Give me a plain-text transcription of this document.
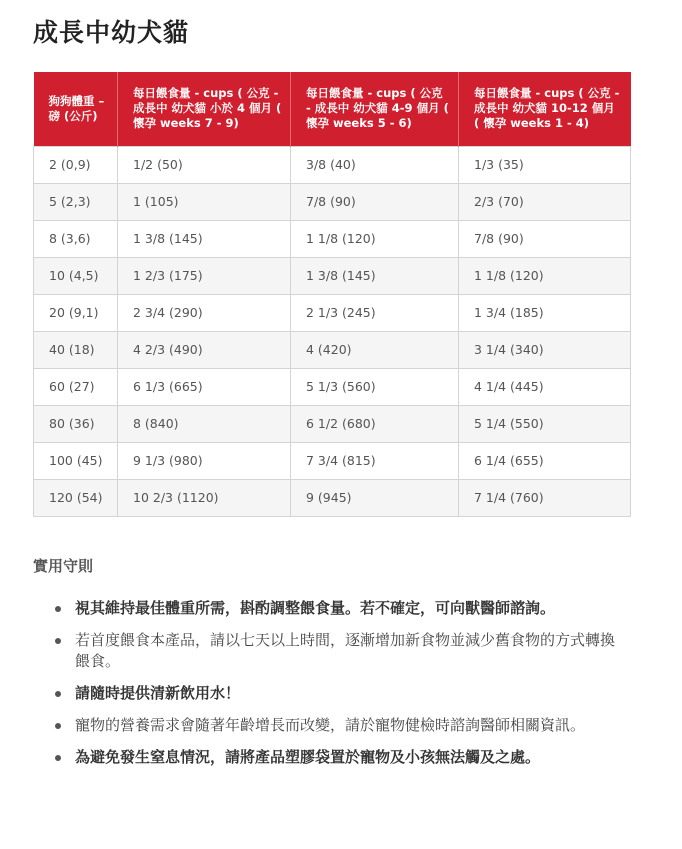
成長中幼犬貓
狗狗體重 – 磅 (公斤)	每日餵食量 - cups ( 公克 - 成長中 幼犬貓 小於 4 個月 ( 懷孕 weeks 7 - 9)	每日餵食量 - cups ( 公克 - 成長中 幼犬貓 4-9 個月 ( 懷孕 weeks 5 - 6)	每日餵食量 - cups ( 公克 - 成長中 幼犬貓 10-12 個月 ( 懷孕 weeks 1 - 4)
2 (0,9)	1/2 (50)	3/8 (40)	1/3 (35)
5 (2,3)	1 (105)	7/8 (90)	2/3 (70)
8 (3,6)	1 3/8 (145)	1 1/8 (120)	7/8 (90)
10 (4,5)	1 2/3 (175)	1 3/8 (145)	1 1/8 (120)
20 (9,1)	2 3/4 (290)	2 1/3 (245)	1 3/4 (185)
40 (18)	4 2/3 (490)	4 (420)	3 1/4 (340)
60 (27)	6 1/3 (665)	5 1/3 (560)	4 1/4 (445)
80 (36)	8 (840)	6 1/2 (680)	5 1/4 (550)
100 (45)	9 1/3 (980)	7 3/4 (815)	6 1/4 (655)
120 (54)	10 2/3 (1120)	9 (945)	7 1/4 (760)
實用守則
視其維持最佳體重所需，斟酌調整餵食量。若不確定，可向獸醫師諮詢。
若首度餵食本產品，請以七天以上時間，逐漸增加新食物並減少舊食物的方式轉換餵食。
請隨時提供清新飲用水！
寵物的營養需求會隨著年齡增長而改變，請於寵物健檢時諮詢醫師相關資訊。
為避免發生窒息情況，請將產品塑膠袋置於寵物及小孩無法觸及之處。
